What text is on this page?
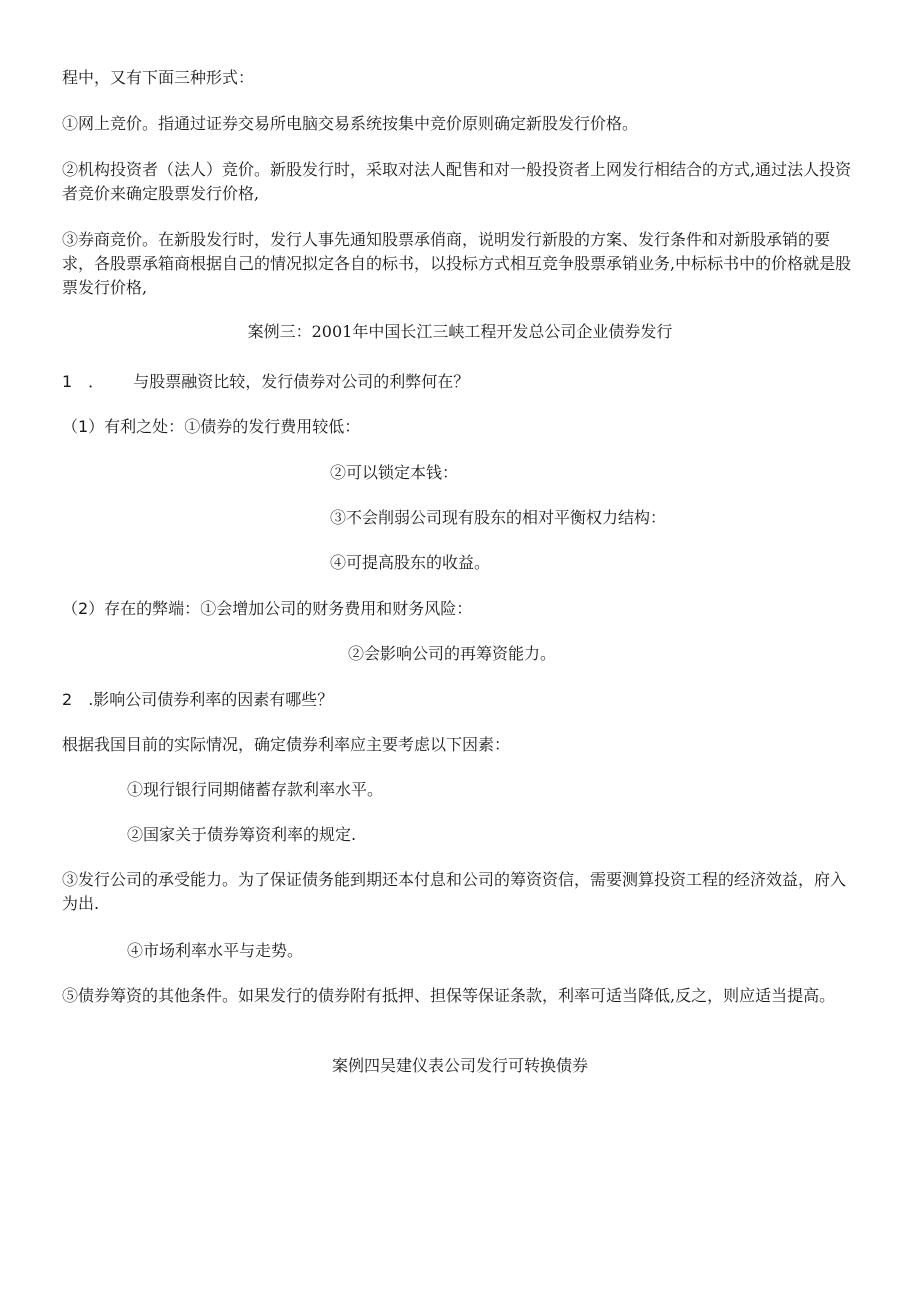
程中，又有下面三种形式：

①网上竞价。指通过证券交易所电脑交易系统按集中竞价原则确定新股发行价格。

②机构投资者（法人）竞价。新股发行时，采取对法人配售和对一般投资者上网发行相结合的方式,通过法人投资者竞价来确定股票发行价格,

③券商竞价。在新股发行时，发行人事先通知股票承俏商，说明发行新股的方案、发行条件和对新股承销的要求，各股票承箱商根据自己的情况拟定各自的标书，以投标方式相互竞争股票承销业务,中标标书中的价格就是股票发行价格,

案例三：2001年中国长江三峡工程开发总公司企业债券发行

1　． 与股票融资比较，发行债券对公司的利弊何在？

（1）有利之处：①债券的发行费用较低：

②可以锁定本钱：

③不会削弱公司现有股东的相对平衡权力结构：

④可提高股东的收益。

（2）存在的弊端：①会增加公司的财务费用和财务风险：

②会影响公司的再筹资能力。

2　.影响公司债券利率的因素有哪些？

根据我国目前的实际情况，确定债券利率应主要考虑以下因素：

①现行银行同期储蓄存款利率水平。

②国家关于债券筹资利率的规定.

③发行公司的承受能力。为了保证债务能到期还本付息和公司的筹资资信，需要测算投资工程的经济效益，府入为出.

④市场利率水平与走势。

⑤债券筹资的其他条件。如果发行的债券附有抵押、担保等保证条款，利率可适当降低,反之，则应适当提高。

案例四吴建仪表公司发行可转换债券
